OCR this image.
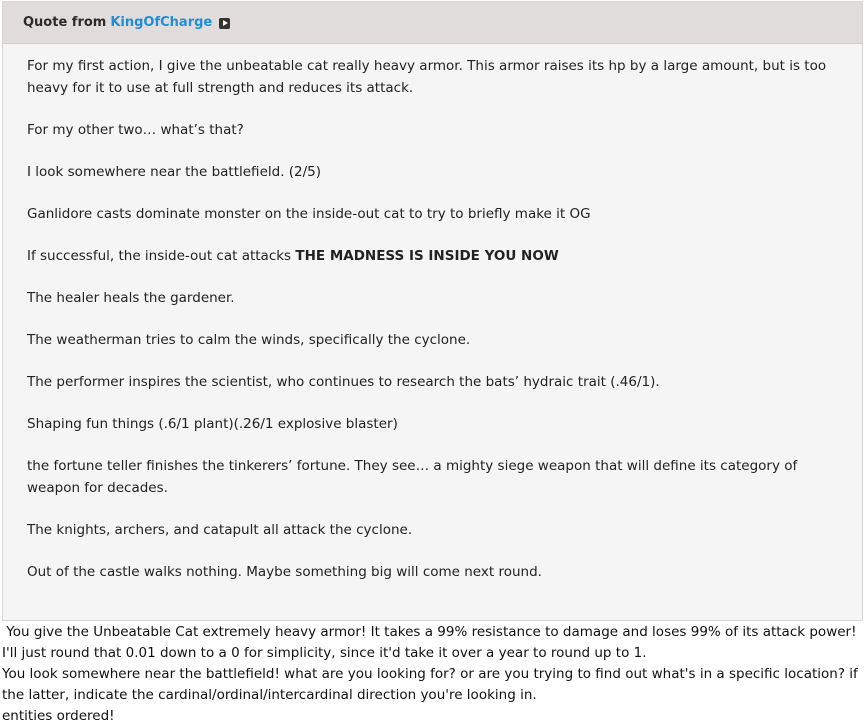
Quote from KingOfCharge

For my first action, I give the unbeatable cat really heavy armor. This armor raises its hp by a large amount, but is too heavy for it to use at full strength and reduces its attack.

For my other two… what’s that?

I look somewhere near the battlefield. (2/5)

Ganlidore casts dominate monster on the inside-out cat to try to briefly make it OG

If successful, the inside-out cat attacks THE MADNESS IS INSIDE YOU NOW

The healer heals the gardener.

The weatherman tries to calm the winds, specifically the cyclone.

The performer inspires the scientist, who continues to research the bats’ hydraic trait (.46/1).

Shaping fun things (.6/1 plant)(.26/1 explosive blaster)

the fortune teller finishes the tinkerers’ fortune. They see… a mighty siege weapon that will define its category of weapon for decades.

The knights, archers, and catapult all attack the cyclone.

Out of the castle walks nothing. Maybe something big will come next round.

You give the Unbeatable Cat extremely heavy armor! It takes a 99% resistance to damage and loses 99% of its attack power! I'll just round that 0.01 down to a 0 for simplicity, since it'd take it over a year to round up to 1.

You look somewhere near the battlefield! what are you looking for? or are you trying to find out what's in a specific location? if the latter, indicate the cardinal/ordinal/intercardinal direction you're looking in.

entities ordered!
